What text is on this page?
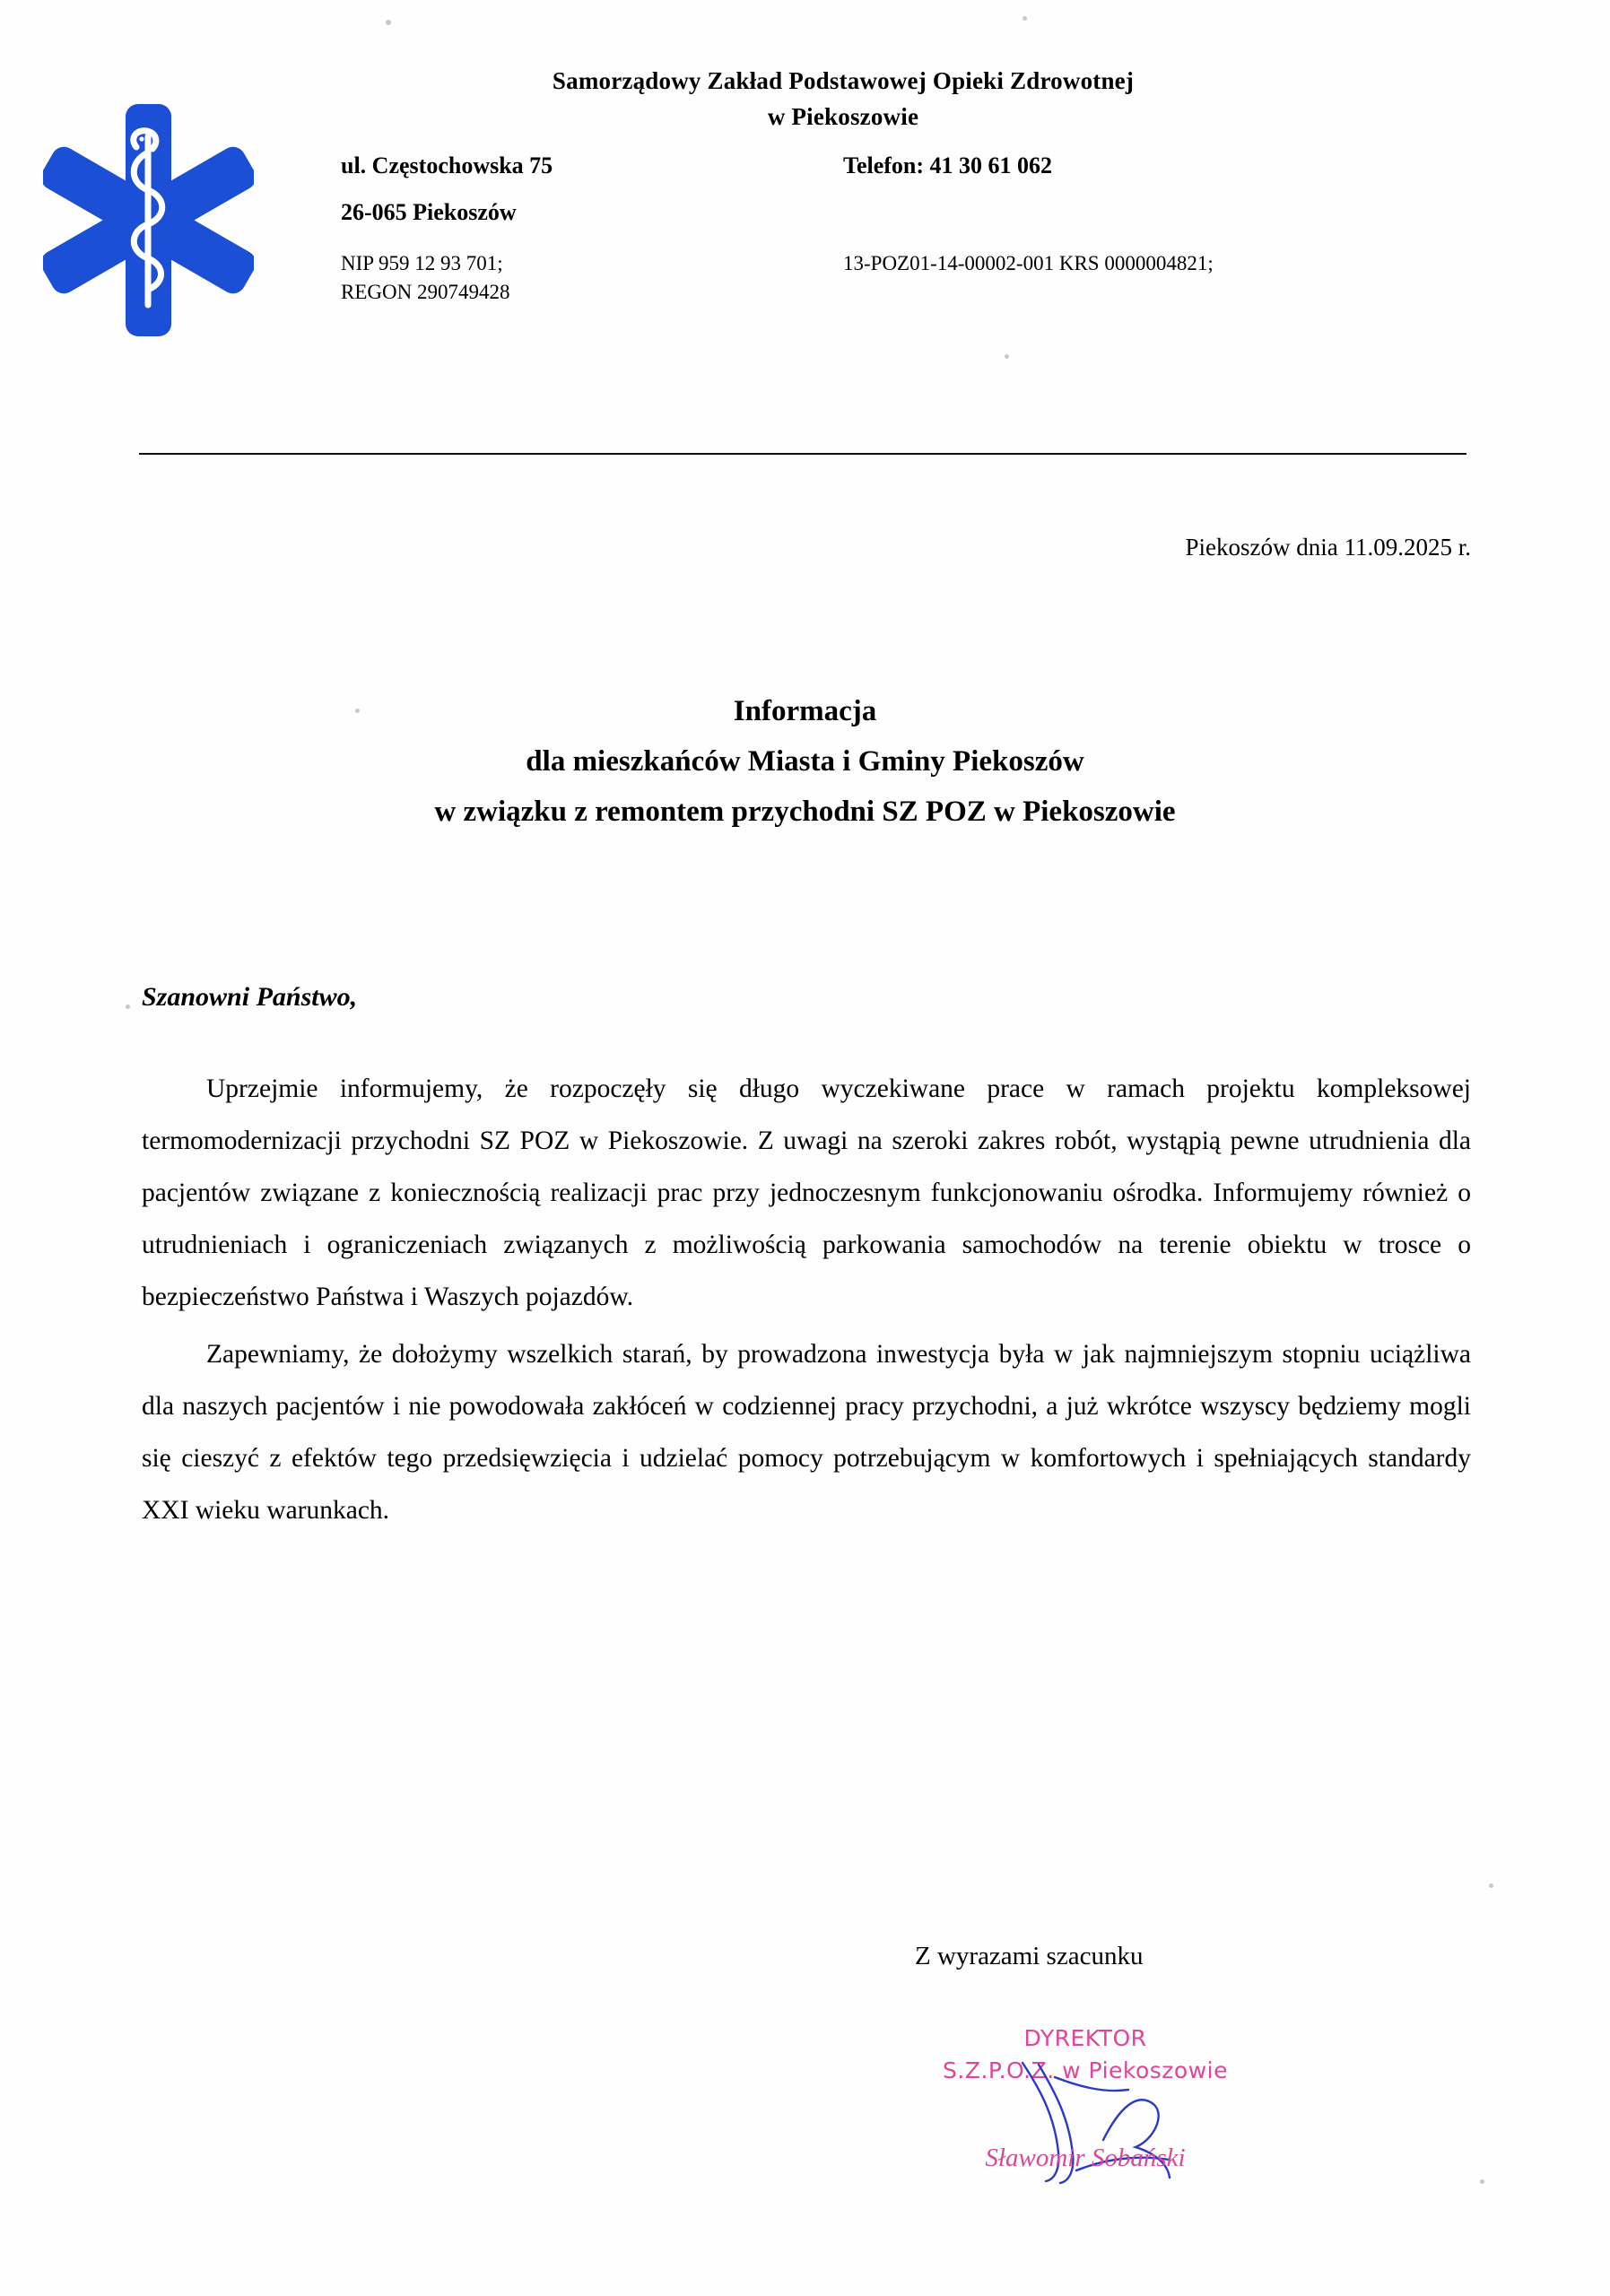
Samorządowy Zakład Podstawowej Opieki Zdrowotnej
w Piekoszowie
ul. Częstochowska 75	Telefon: 41 30 61 062
26-065 Piekoszów
NIP 959 12 93 701;
REGON 290749428
13-POZ01-14-00002-001 KRS 0000004821;
Piekoszów dnia 11.09.2025 r.
Informacja
dla mieszkańców Miasta i Gminy Piekoszów
w związku z remontem przychodni SZ POZ w Piekoszowie
Szanowni Państwo,

Uprzejmie informujemy, że rozpoczęły się długo wyczekiwane prace w ramach projektu kompleksowej termomodernizacji przychodni SZ POZ w Piekoszowie. Z uwagi na szeroki zakres robót, wystąpią pewne utrudnienia dla pacjentów związane z koniecznością realizacji prac przy jednoczesnym funkcjonowaniu ośrodka. Informujemy również o utrudnieniach i ograniczeniach związanych z możliwością parkowania samochodów na terenie obiektu w trosce o bezpieczeństwo Państwa i Waszych pojazdów.

Zapewniamy, że dołożymy wszelkich starań, by prowadzona inwestycja była w jak najmniejszym stopniu uciążliwa dla naszych pacjentów i nie powodowała zakłóceń w codziennej pracy przychodni, a już wkrótce wszyscy będziemy mogli się cieszyć z efektów tego przedsięwzięcia i udzielać pomocy potrzebującym w komfortowych i spełniających standardy XXI wieku warunkach.

Z wyrazami szacunku
DYREKTOR
S.Z.P.O.Z. w Piekoszowie
Sławomir Sobański
